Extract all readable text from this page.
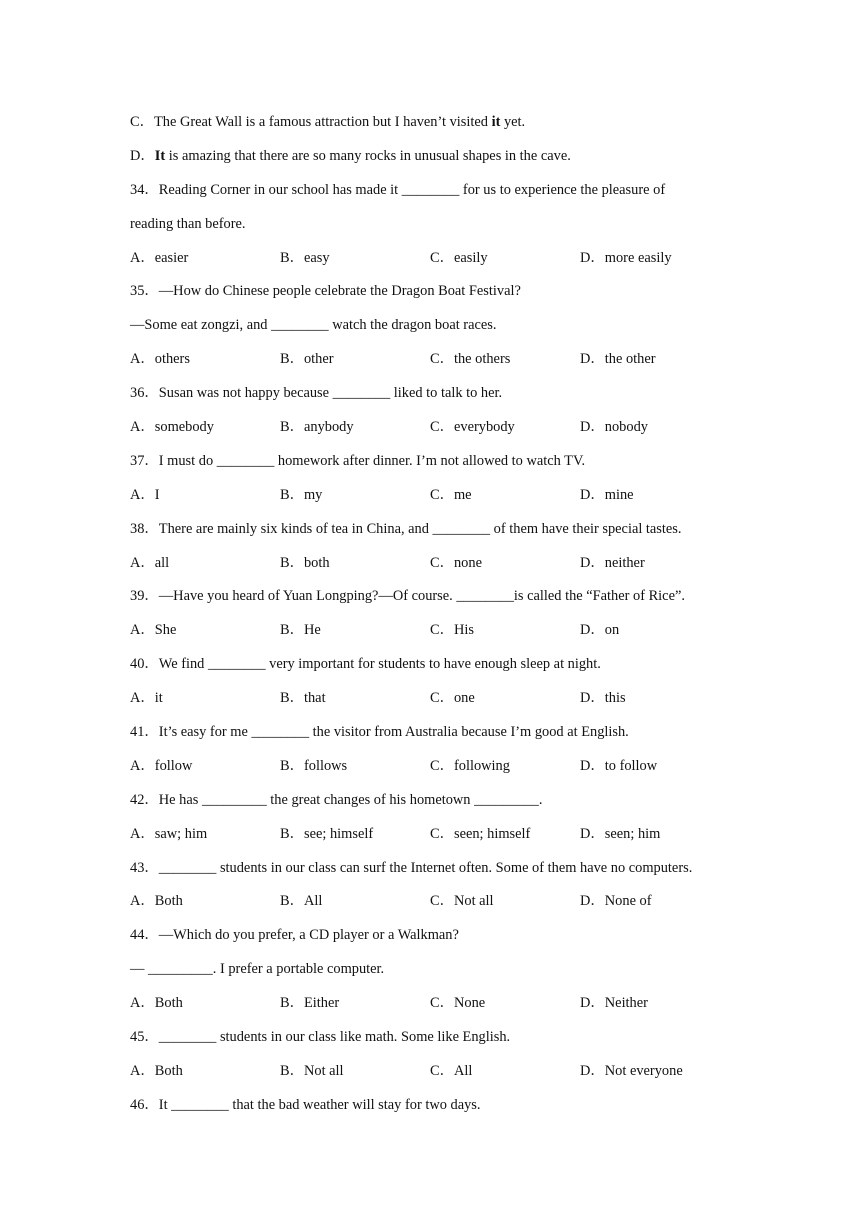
C．The Great Wall is a famous attraction but I haven’t visited it yet.
D．It is amazing that there are so many rocks in unusual shapes in the cave.
34．Reading Corner in our school has made it ________ for us to experience the pleasure of
reading than before.
A．easier	B．easy	C．easily	D．more easily
35．—How do Chinese people celebrate the Dragon Boat Festival?
—Some eat zongzi, and ________ watch the dragon boat races.
A．others	B．other	C．the others	D．the other
36．Susan was not happy because ________ liked to talk to her.
A．somebody	B．anybody	C．everybody	D．nobody
37．I must do ________ homework after dinner. I’m not allowed to watch TV.
A．I	B．my	C．me	D．mine
38．There are mainly six kinds of tea in China, and ________ of them have their special tastes.
A．all	B．both	C．none	D．neither
39．—Have you heard of Yuan Longping?—Of course. ________is called the “Father of Rice”.
A．She	B．He	C．His	D．on
40．We find ________ very important for students to have enough sleep at night.
A．it	B．that	C．one	D．this
41．It’s easy for me ________ the visitor from Australia because I’m good at English.
A．follow	B．follows	C．following	D．to follow
42．He has _________ the great changes of his hometown _________.
A．saw; him	B．see; himself	C．seen; himself	D．seen; him
43．________ students in our class can surf the Internet often. Some of them have no computers.
A．Both	B．All	C．Not all	D．None of
44．—Which do you prefer, a CD player or a Walkman?
— _________. I prefer a portable computer.
A．Both	B．Either	C．None	D．Neither
45．________ students in our class like math. Some like English.
A．Both	B．Not all	C．All	D．Not everyone
46．It ________ that the bad weather will stay for two days.
